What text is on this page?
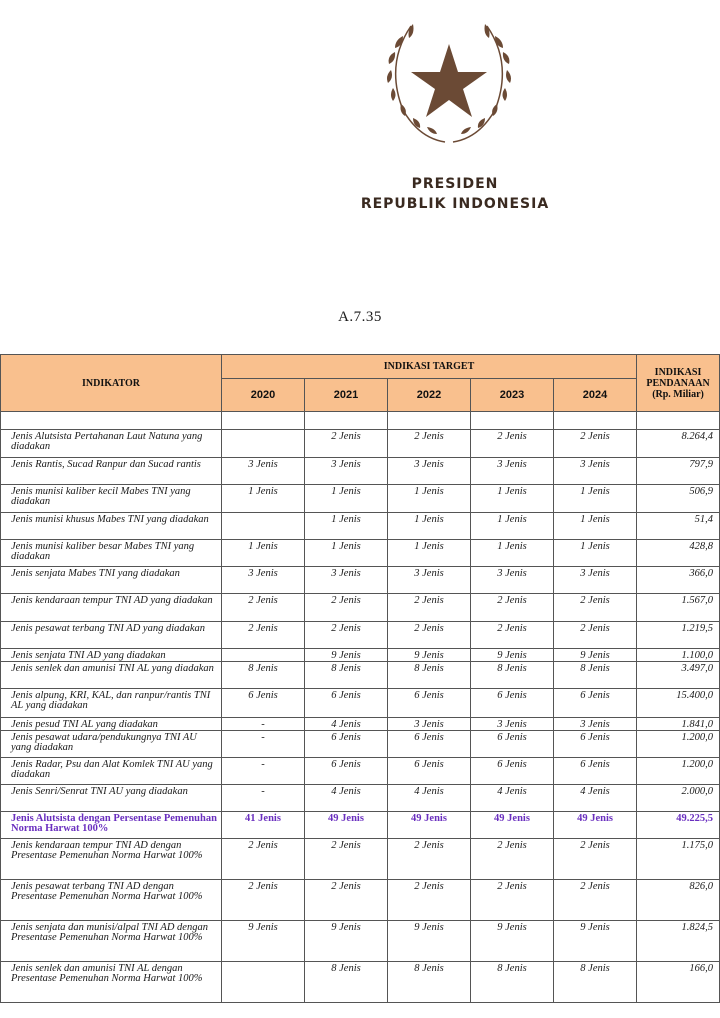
PRESIDEN
REPUBLIK INDONESIA
A.7.35
INDIKATOR	INDIKASI TARGET					INDIKASI PENDANAAN (Rp. Miliar)
	2020	2021	2022	2023	2024	

Jenis Alutsista Pertahanan Laut Natuna yang diadakan		2 Jenis	2 Jenis	2 Jenis	2 Jenis	8.264,4
Jenis Rantis, Sucad Ranpur dan Sucad rantis	3 Jenis	3 Jenis	3 Jenis	3 Jenis	3 Jenis	797,9
Jenis munisi kaliber kecil Mabes TNI yang diadakan	1 Jenis	1 Jenis	1 Jenis	1 Jenis	1 Jenis	506,9
Jenis munisi khusus Mabes TNI yang diadakan		1 Jenis	1 Jenis	1 Jenis	1 Jenis	51,4
Jenis munisi kaliber besar Mabes TNI yang diadakan	1 Jenis	1 Jenis	1 Jenis	1 Jenis	1 Jenis	428,8
Jenis senjata Mabes TNI yang diadakan	3 Jenis	3 Jenis	3 Jenis	3 Jenis	3 Jenis	366,0
Jenis kendaraan tempur TNI AD yang diadakan	2 Jenis	2 Jenis	2 Jenis	2 Jenis	2 Jenis	1.567,0
Jenis pesawat terbang TNI AD yang diadakan	2 Jenis	2 Jenis	2 Jenis	2 Jenis	2 Jenis	1.219,5
Jenis senjata TNI AD yang diadakan		9 Jenis	9 Jenis	9 Jenis	9 Jenis	1.100,0
Jenis senlek dan amunisi TNI AL yang diadakan	8 Jenis	8 Jenis	8 Jenis	8 Jenis	8 Jenis	3.497,0
Jenis alpung, KRI, KAL, dan ranpur/rantis TNI AL yang diadakan	6 Jenis	6 Jenis	6 Jenis	6 Jenis	6 Jenis	15.400,0
Jenis pesud TNI AL yang diadakan	-	4 Jenis	3 Jenis	3 Jenis	3 Jenis	1.841,0
Jenis pesawat udara/pendukungnya TNI AU yang diadakan	-	6 Jenis	6 Jenis	6 Jenis	6 Jenis	1.200,0
Jenis Radar, Psu dan Alat Komlek TNI AU yang diadakan	-	6 Jenis	6 Jenis	6 Jenis	6 Jenis	1.200,0
Jenis Senri/Senrat TNI AU yang diadakan	-	4 Jenis	4 Jenis	4 Jenis	4 Jenis	2.000,0
Jenis Alutsista dengan Persentase Pemenuhan Norma Harwat 100%	41 Jenis	49 Jenis	49 Jenis	49 Jenis	49 Jenis	49.225,5
Jenis kendaraan tempur TNI AD dengan Presentase Pemenuhan Norma Harwat 100%	2 Jenis	2 Jenis	2 Jenis	2 Jenis	2 Jenis	1.175,0
Jenis pesawat terbang TNI AD dengan Presentase Pemenuhan Norma Harwat 100%	2 Jenis	2 Jenis	2 Jenis	2 Jenis	2 Jenis	826,0
Jenis senjata dan munisi/alpal TNI AD dengan Presentase Pemenuhan Norma Harwat 100%	9 Jenis	9 Jenis	9 Jenis	9 Jenis	9 Jenis	1.824,5
Jenis senlek dan amunisi TNI AL dengan Presentase Pemenuhan Norma Harwat 100%		8 Jenis	8 Jenis	8 Jenis	8 Jenis	166,0
